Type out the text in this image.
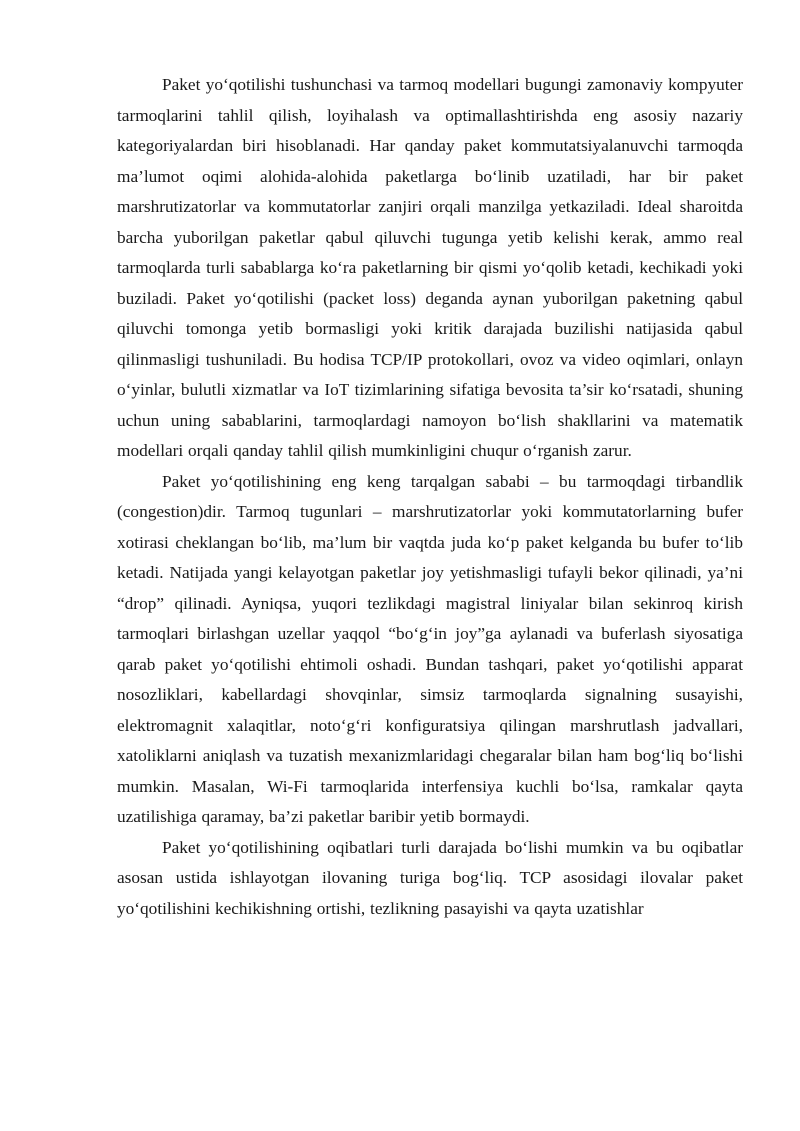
Paket yo‘qotilishi tushunchasi va tarmoq modellari bugungi zamonaviy kompyuter tarmoqlarini tahlil qilish, loyihalash va optimallashtirishda eng asosiy nazariy kategoriyalardan biri hisoblanadi. Har qanday paket kommutatsiyalanuvchi tarmoqda ma’lumot oqimi alohida-alohida paketlarga bo‘linib uzatiladi, har bir paket marshrutizatorlar va kommutatorlar zanjiri orqali manzilga yetkaziladi. Ideal sharoitda barcha yuborilgan paketlar qabul qiluvchi tugunga yetib kelishi kerak, ammo real tarmoqlarda turli sabablarga ko‘ra paketlarning bir qismi yo‘qolib ketadi, kechikadi yoki buziladi. Paket yo‘qotilishi (packet loss) deganda aynan yuborilgan paketning qabul qiluvchi tomonga yetib bormasligi yoki kritik darajada buzilishi natijasida qabul qilinmasligi tushuniladi. Bu hodisa TCP/IP protokollari, ovoz va video oqimlari, onlayn o‘yinlar, bulutli xizmatlar va IoT tizimlarining sifatiga bevosita ta’sir ko‘rsatadi, shuning uchun uning sabablarini, tarmoqlardagi namoyon bo‘lish shakllarini va matematik modellari orqali qanday tahlil qilish mumkinligini chuqur o‘rganish zarur.

Paket yo‘qotilishining eng keng tarqalgan sababi – bu tarmoqdagi tirbandlik (congestion)dir. Tarmoq tugunlari – marshrutizatorlar yoki kommutatorlarning bufer xotirasi cheklangan bo‘lib, ma’lum bir vaqtda juda ko‘p paket kelganda bu bufer to‘lib ketadi. Natijada yangi kelayotgan paketlar joy yetishmasligi tufayli bekor qilinadi, ya’ni “drop” qilinadi. Ayniqsa, yuqori tezlikdagi magistral liniyalar bilan sekinroq kirish tarmoqlari birlashgan uzellar yaqqol “bo‘g‘in joy”ga aylanadi va buferlash siyosatiga qarab paket yo‘qotilishi ehtimoli oshadi. Bundan tashqari, paket yo‘qotilishi apparat nosozliklari, kabellardagi shovqinlar, simsiz tarmoqlarda signalning susayishi, elektromagnit xalaqitlar, noto‘g‘ri konfiguratsiya qilingan marshrutlash jadvallari, xatoliklarni aniqlash va tuzatish mexanizmlaridagi chegaralar bilan ham bog‘liq bo‘lishi mumkin. Masalan, Wi-Fi tarmoqlarida interfensiya kuchli bo‘lsa, ramkalar qayta uzatilishiga qaramay, ba’zi paketlar baribir yetib bormaydi.

Paket yo‘qotilishining oqibatlari turli darajada bo‘lishi mumkin va bu oqibatlar asosan ustida ishlayotgan ilovaning turiga bog‘liq. TCP asosidagi ilovalar paket yo‘qotilishini kechikishning ortishi, tezlikning pasayishi va qayta uzatishlar
